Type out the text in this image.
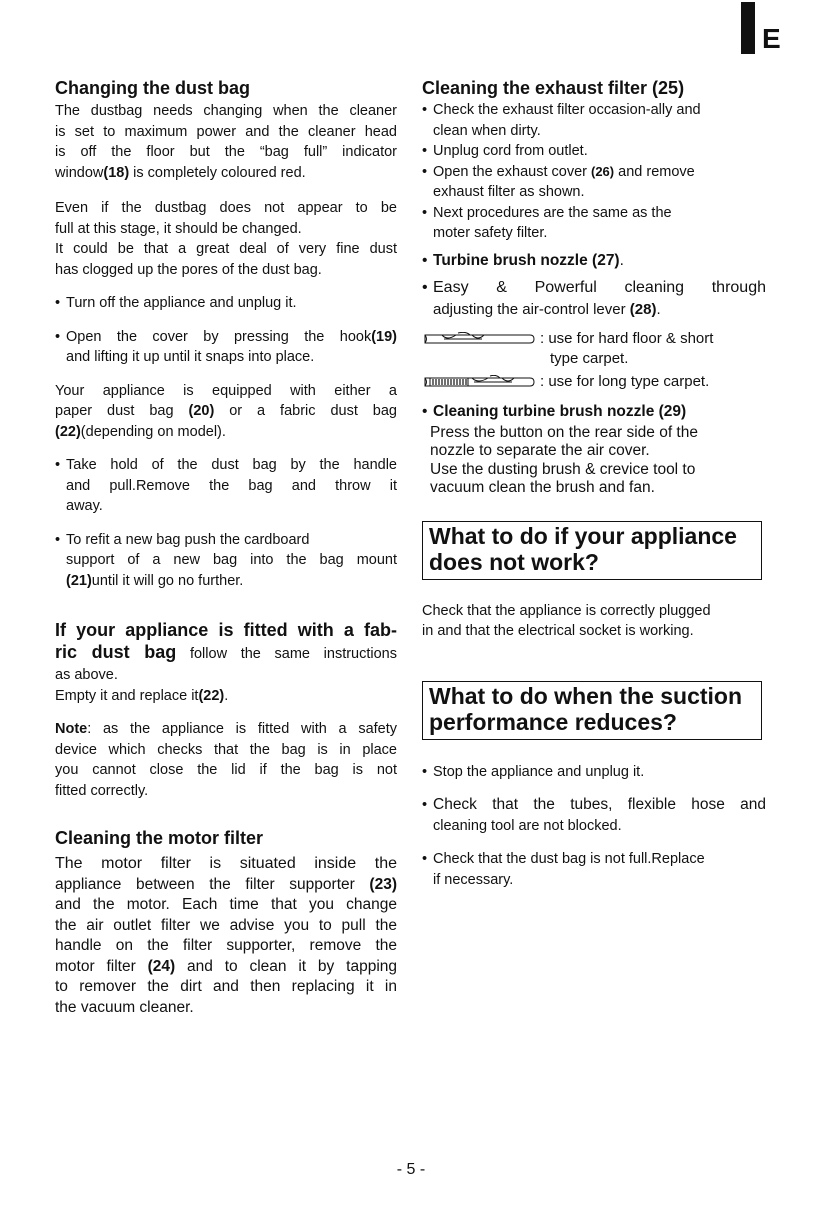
E
Changing the dust bag

The dustbag needs changing when the cleaner

is set to maximum power and the cleaner head

is off the floor but the “bag full” indicator

window(18) is completely coloured red.

Even if the dustbag does not appear to be

full at this stage, it should be changed.

It could be that a great deal of very fine dust

has clogged up the pores of the dust bag.

• Turn off the appliance and unplug it.
• Open the cover by pressing the hook(19)
and lifting it up until it snaps into place.

Your appliance is equipped with either a

paper dust bag (20) or a fabric dust bag

(22)(depending on model).

• Take hold of the dust bag by the handle
and pull.Remove the bag and throw it
away.
• To refit a new bag push the cardboard
support of a new bag into the bag mount
(21)until it will go no further.
If your appliance is fitted with a fab-

ric dust bag follow the same instructions

as above.

Empty it and replace it(22).

Note: as the appliance is fitted with a safety

device which checks that the bag is in place

you cannot close the lid if the bag is not

fitted correctly.

Cleaning the motor filter

The motor filter is situated inside the

appliance between the filter supporter (23)

and the motor. Each time that you change

the air outlet filter we advise you to pull the

handle on the filter supporter, remove the

motor filter (24) and to clean it by tapping

to remover the dirt and then replacing it in

the vacuum cleaner.

Cleaning the exhaust filter (25)
• Check the exhaust filter occasion-ally and
clean when dirty.
• Unplug cord from outlet.
• Open the exhaust cover (26) and remove
exhaust filter as shown.
• Next procedures are the same as the
moter safety filter.
• Turbine brush nozzle (27).
• Easy & Powerful cleaning through
adjusting the air-control lever (28).
: use for hard floor & short
type carpet.
: use for long type carpet.
• Cleaning turbine brush nozzle (29)
Press the button on the rear side of the
nozzle to separate the air cover.
Use the dusting brush & crevice tool to
vacuum clean the brush and fan.
What to do if your appliance
does not work?

Check that the appliance is correctly plugged

in and that the electrical socket is working.

What to do when the suction
performance reduces?
• Stop the appliance and unplug it.
• Check that the tubes, flexible hose and
cleaning tool are not blocked.
• Check that the dust bag is not full.Replace
if necessary.
- 5 -
